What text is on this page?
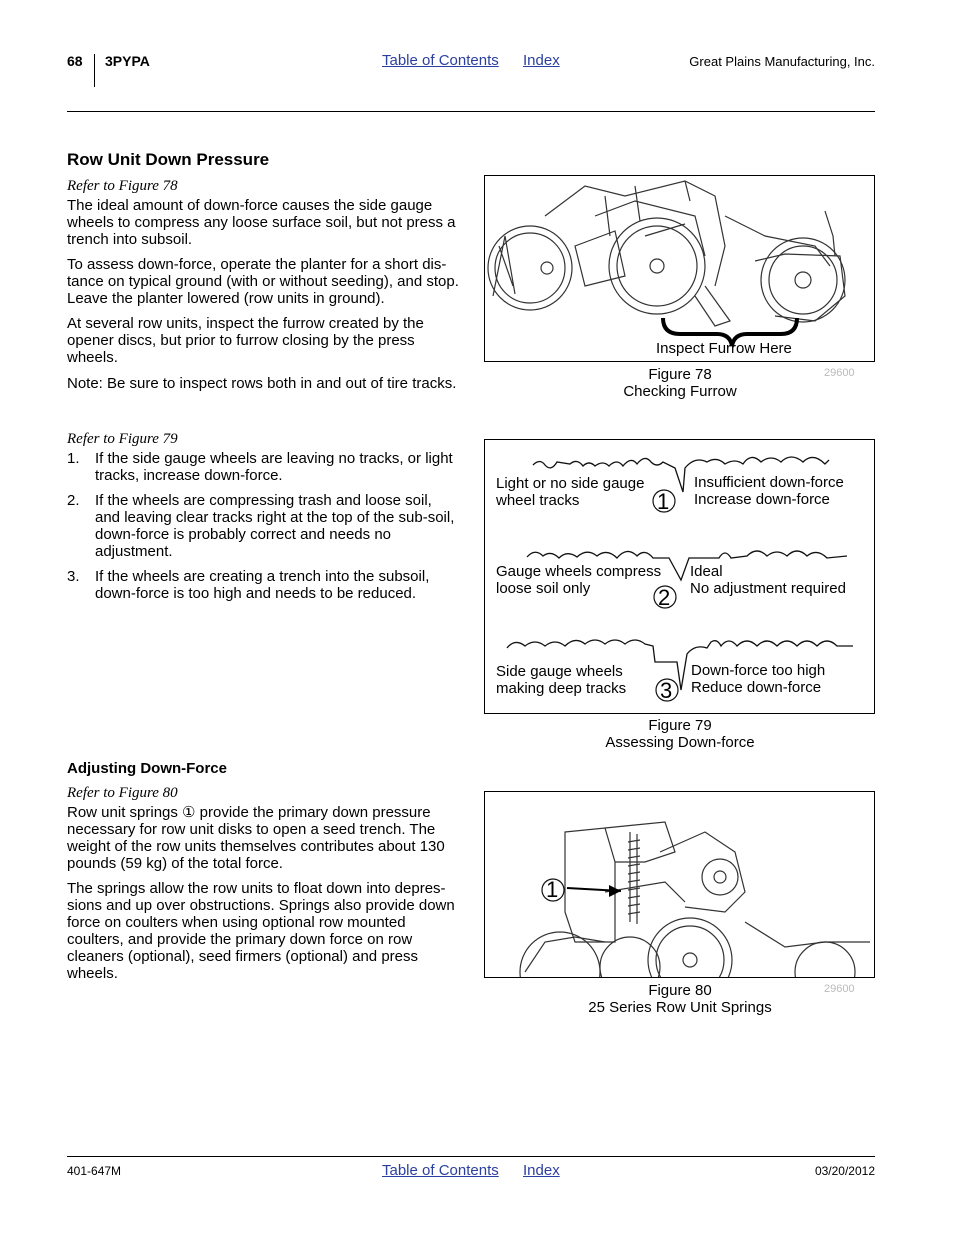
68 3PYPA	Table of Contents Index	Great Plains Manufacturing, Inc.
Row Unit Down Pressure
Refer to Figure 78
The ideal amount of down-force causes the side gauge wheels to compress any loose surface soil, but not press a trench into subsoil.
To assess down-force, operate the planter for a short dis-tance on typical ground (with or without seeding), and stop. Leave the planter lowered (row units in ground).
At several row units, inspect the furrow created by the opener discs, but prior to furrow closing by the press wheels.
Note: Be sure to inspect rows both in and out of tire tracks.
Refer to Figure 79
1. If the side gauge wheels are leaving no tracks, or light tracks, increase down-force.
2. If the wheels are compressing trash and loose soil, and leaving clear tracks right at the top of the sub-soil, down-force is probably correct and needs no adjustment.
3. If the wheels are creating a trench into the subsoil, down-force is too high and needs to be reduced.
Adjusting Down-Force
Refer to Figure 80
Row unit springs ① provide the primary down pressure necessary for row unit disks to open a seed trench. The weight of the row units themselves contributes about 130 pounds (59 kg) of the total force.
The springs allow the row units to float down into depres-sions and up over obstructions. Springs also provide down force on coulters when using optional row mounted coulters, and provide the primary down force on row cleaners (optional), seed firmers (optional) and press wheels.
Inspect Furrow Here
Figure 78
Checking Furrow
29600
Light or no side gauge
wheel tracks
Insufficient down-force
Increase down-force
1
Gauge wheels compress
loose soil only
Ideal
No adjustment required
2
Side gauge wheels
making deep tracks
Down-force too high
Reduce down-force
3
Figure 79
Assessing Down-force
1
Figure 80
25 Series Row Unit Springs
29600
401-647M	Table of Contents Index	03/20/2012
